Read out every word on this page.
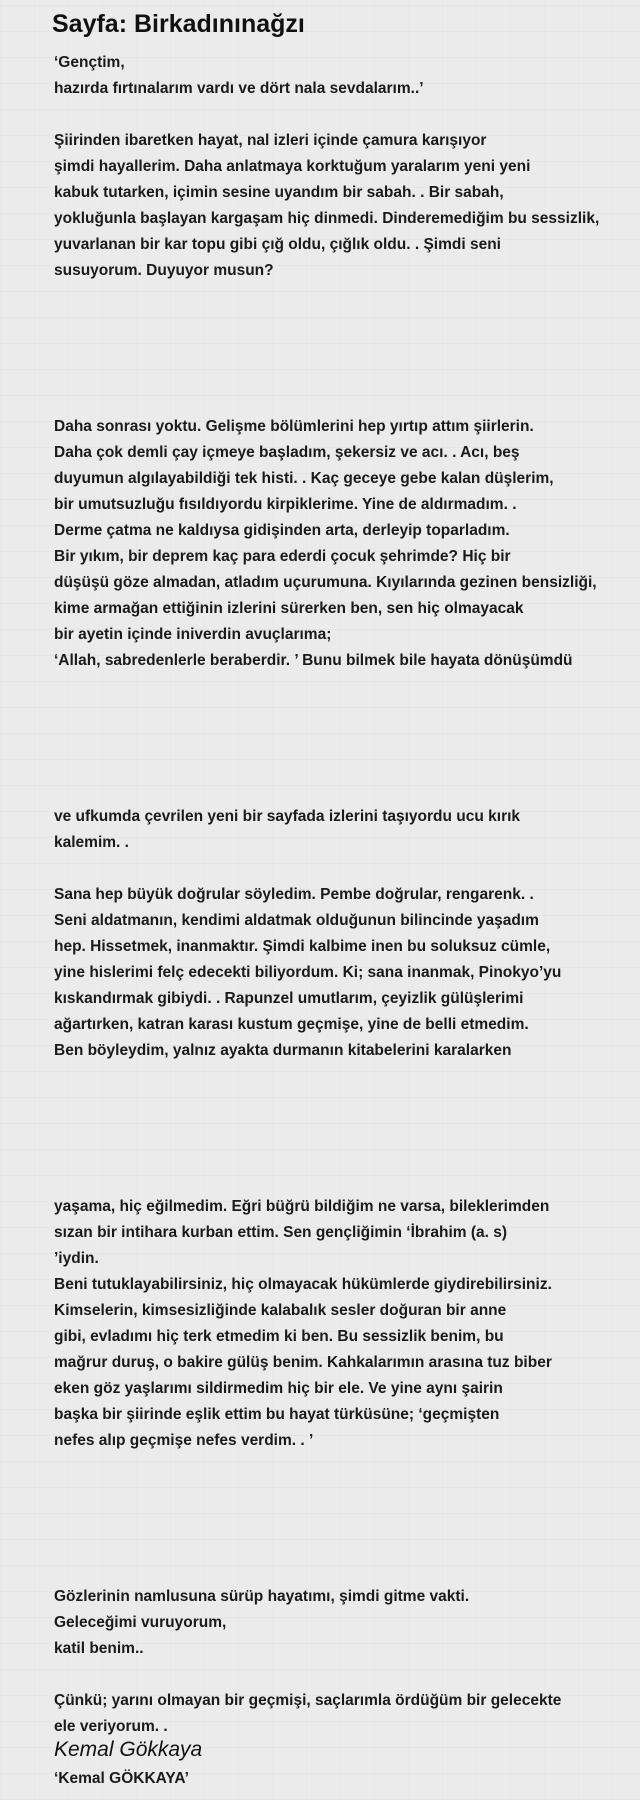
Sayfa: Birkadınınağzı
‘Gençtim,
hazırda fırtınalarım vardı ve dört nala sevdalarım..’
Şiirinden ibaretken hayat, nal izleri içinde çamura karışıyor
şimdi hayallerim. Daha anlatmaya korktuğum yaralarım yeni yeni
kabuk tutarken, içimin sesine uyandım bir sabah. . Bir sabah,
yokluğunla başlayan kargaşam hiç dinmedi. Dinderemediğim bu sessizlik,
yuvarlanan bir kar topu gibi çığ oldu, çığlık oldu. . Şimdi seni
susuyorum. Duyuyor musun?
Daha sonrası yoktu. Gelişme bölümlerini hep yırtıp attım şiirlerin.
Daha çok demli çay içmeye başladım, şekersiz ve acı. . Acı, beş
duyumun algılayabildiği tek histi. . Kaç geceye gebe kalan düşlerim,
bir umutsuzluğu fısıldıyordu kirpiklerime. Yine de aldırmadım. .
Derme çatma ne kaldıysa gidişinden arta, derleyip toparladım.
Bir yıkım, bir deprem kaç para ederdi çocuk şehrimde? Hiç bir
düşüşü göze almadan, atladım uçurumuna. Kıyılarında gezinen bensizliği,
kime armağan ettiğinin izlerini sürerken ben, sen hiç olmayacak
bir ayetin içinde iniverdin avuçlarıma;
‘Allah, sabredenlerle beraberdir. ’ Bunu bilmek bile hayata dönüşümdü
ve ufkumda çevrilen yeni bir sayfada izlerini taşıyordu ucu kırık
kalemim. .
Sana hep büyük doğrular söyledim. Pembe doğrular, rengarenk. .
Seni aldatmanın, kendimi aldatmak olduğunun bilincinde yaşadım
hep. Hissetmek, inanmaktır. Şimdi kalbime inen bu soluksuz cümle,
yine hislerimi felç edecekti biliyordum. Ki; sana inanmak, Pinokyo’yu
kıskandırmak gibiydi. . Rapunzel umutlarım, çeyizlik gülüşlerimi
ağartırken, katran karası kustum geçmişe, yine de belli etmedim.
Ben böyleydim, yalnız ayakta durmanın kitabelerini karalarken
yaşama, hiç eğilmedim. Eğri büğrü bildiğim ne varsa, bileklerimden
sızan bir intihara kurban ettim. Sen gençliğimin ‘İbrahim (a. s)
’iydin.
Beni tutuklayabilirsiniz, hiç olmayacak hükümlerde giydirebilirsiniz.
Kimselerin, kimsesizliğinde kalabalık sesler doğuran bir anne
gibi, evladımı hiç terk etmedim ki ben. Bu sessizlik benim, bu
mağrur duruş, o bakire gülüş benim. Kahkalarımın arasına tuz biber
eken göz yaşlarımı sildirmedim hiç bir ele. Ve yine aynı şairin
başka bir şiirinde eşlik ettim bu hayat türküsüne; ‘geçmişten
nefes alıp geçmişe nefes verdim. . ’
Gözlerinin namlusuna sürüp hayatımı, şimdi gitme vakti.
Geleceğimi vuruyorum,
katil benim..
Çünkü; yarını olmayan bir geçmişi, saçlarımla ördüğüm bir gelecekte
ele veriyorum. .
‘Kemal GÖKKAYA’
Kemal Gökkaya
